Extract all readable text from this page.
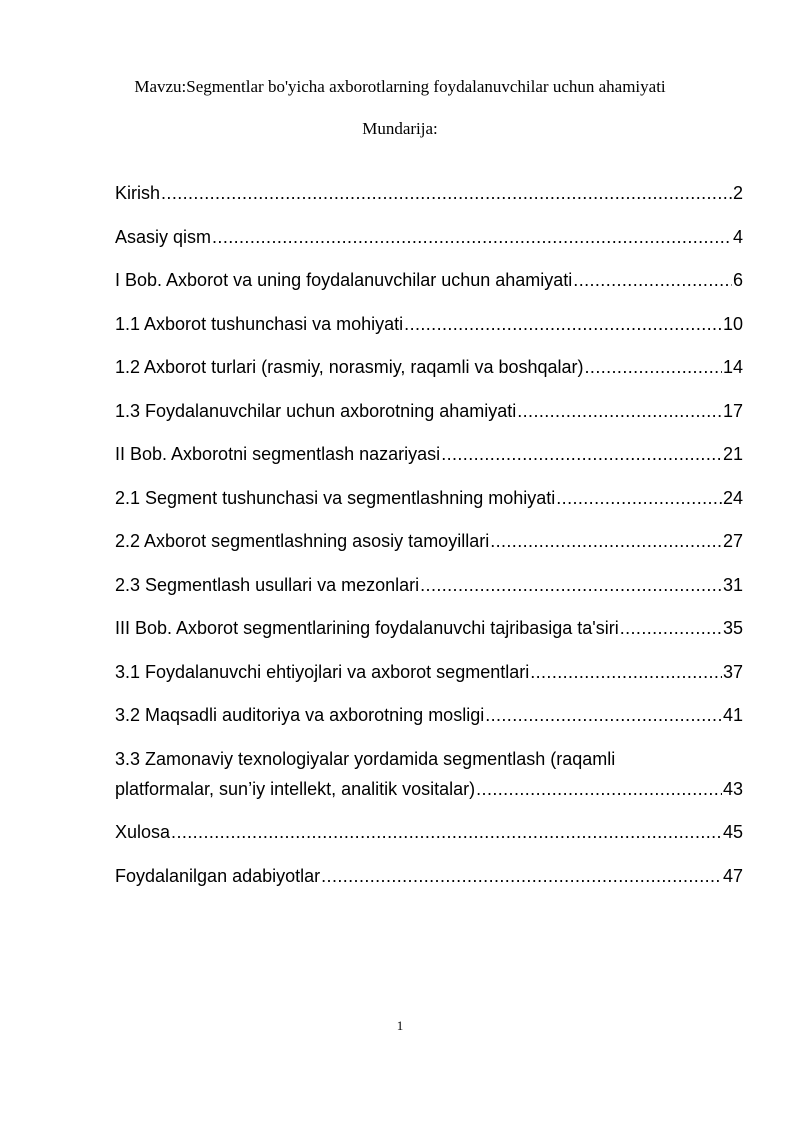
Mavzu:Segmentlar bo'yicha axborotlarning foydalanuvchilar uchun ahamiyati
Mundarija:
Kirish .....	2
Asasiy qism .....	4
I Bob. Axborot va uning foydalanuvchilar uchun ahamiyati .....	6
1.1 Axborot tushunchasi va mohiyati .....	10
1.2 Axborot turlari (rasmiy, norasmiy, raqamli va boshqalar) .....	14
1.3 Foydalanuvchilar uchun axborotning ahamiyati .....	17
II Bob. Axborotni segmentlash nazariyasi .....	21
2.1 Segment tushunchasi va segmentlashning mohiyati .....	24
2.2 Axborot segmentlashning asosiy tamoyillari .....	27
2.3 Segmentlash usullari va mezonlari .....	31
III Bob. Axborot segmentlarining foydalanuvchi tajribasiga ta'siri .....	35
3.1 Foydalanuvchi ehtiyojlari va axborot segmentlari .....	37
3.2 Maqsadli auditoriya va axborotning mosligi .....	41
3.3 Zamonaviy texnologiyalar yordamida segmentlash (raqamli
platformalar, sun’iy intellekt, analitik vositalar) .....	43
Xulosa .....	45
Foydalanilgan adabiyotlar .....	47
1
